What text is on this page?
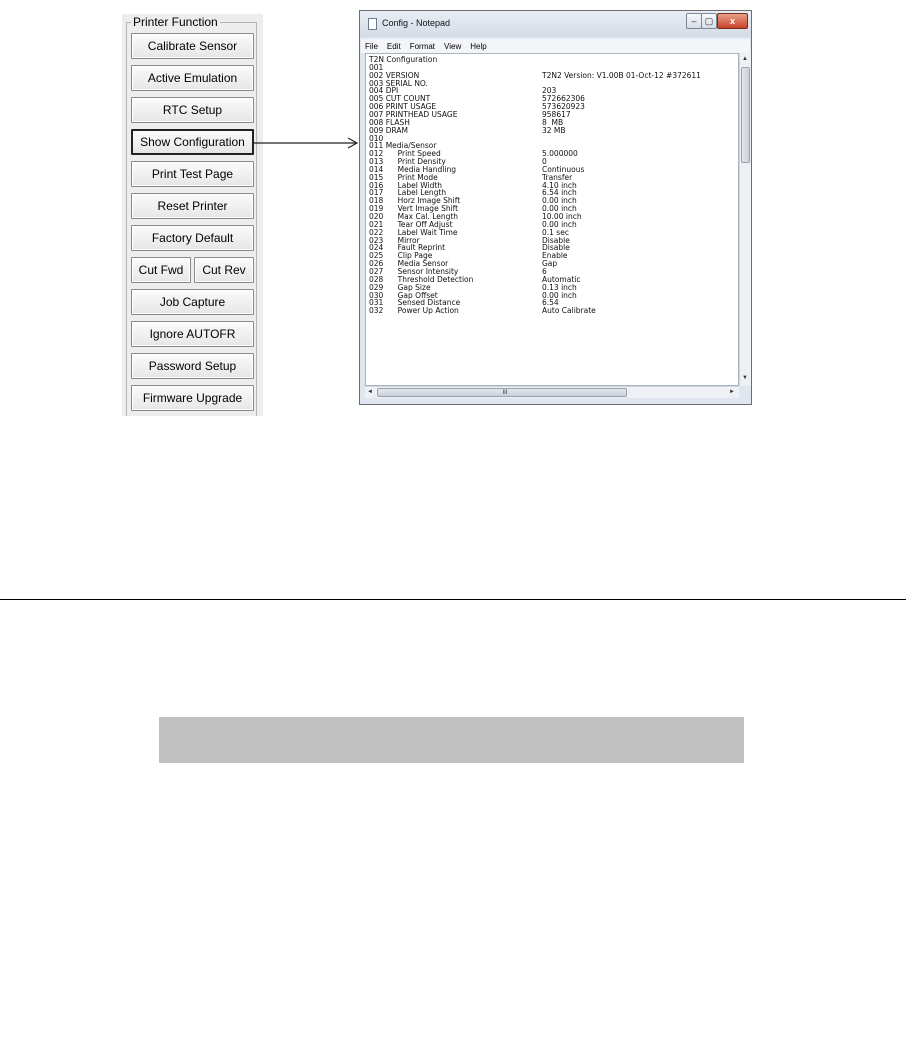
Printer Function
Calibrate Sensor
Active Emulation
RTC Setup
Show Configuration
Print Test Page
Reset Printer
Factory Default
Cut Fwd	Cut Rev
Job Capture
Ignore AUTOFR
Password Setup
Firmware Upgrade
Config - Notepad	– ▢	x
File Edit Format View Help
T2N Configuration
001
002 VERSION	T2N2 Version: V1.00B 01-Oct-12 #372611
003 SERIAL NO.
004 DPI	203
005 CUT COUNT	572662306
006 PRINT USAGE	573620923
007 PRINTHEAD USAGE	958617
008 FLASH	8  MB
009 DRAM	32 MB
010
011 Media/Sensor
012      Print Speed	5.000000
013      Print Density	0
014      Media Handling	Continuous
015      Print Mode	Transfer
016      Label Width	4.10 inch
017      Label Length	6.54 inch
018      Horz Image Shift	0.00 inch
019      Vert Image Shift	0.00 inch
020      Max Cal. Length	10.00 inch
021      Tear Off Adjust	0.00 inch
022      Label Wait Time	0.1 sec
023      Mirror	Disable
024      Fault Reprint	Disable
025      Clip Page	Enable
026      Media Sensor	Gap
027      Sensor Intensity	6
028      Threshold Detection	Automatic
029      Gap Size	0.13 inch
030      Gap Offset	0.00 inch
031      Sensed Distance	6.54
032      Power Up Action	Auto Calibrate
▲
▼
◄	III	►
